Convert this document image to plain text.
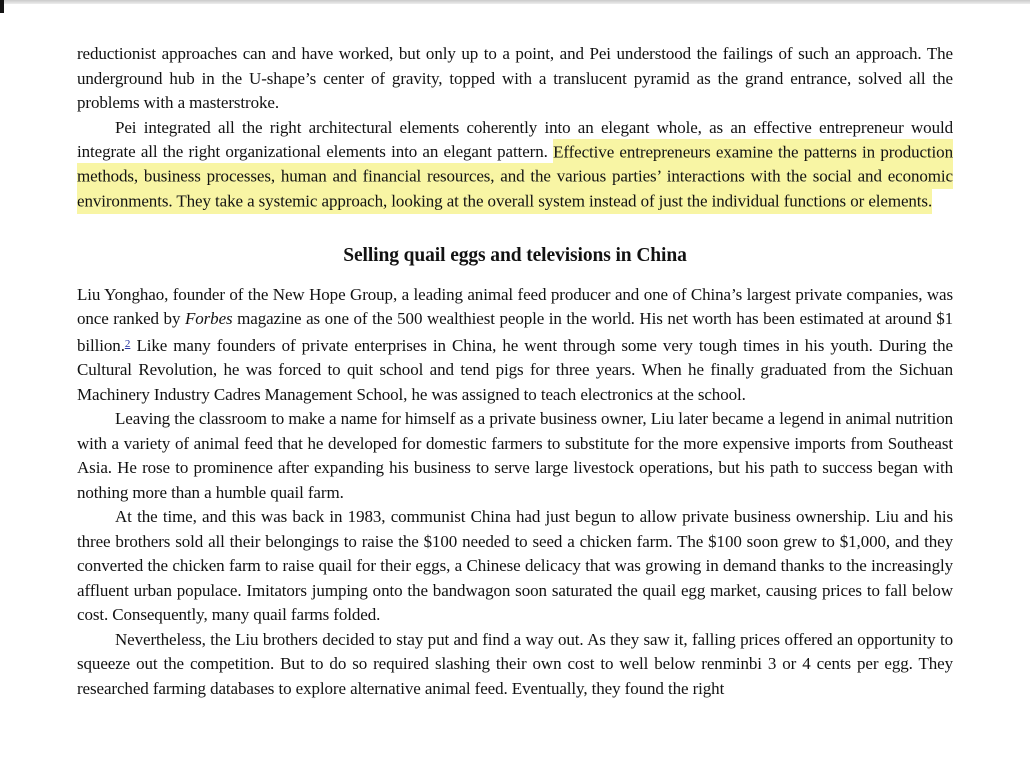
reductionist approaches can and have worked, but only up to a point, and Pei understood the failings of such an approach. The underground hub in the U-shape’s center of gravity, topped with a translucent pyramid as the grand entrance, solved all the problems with a masterstroke.

Pei integrated all the right architectural elements coherently into an elegant whole, as an effective entrepreneur would integrate all the right organizational elements into an elegant pattern. Effective entrepreneurs examine the patterns in production methods, business processes, human and financial resources, and the various parties’ interactions with the social and economic environments. They take a systemic approach, looking at the overall system instead of just the individual functions or elements.

Selling quail eggs and televisions in China

Liu Yonghao, founder of the New Hope Group, a leading animal feed producer and one of China’s largest private companies, was once ranked by Forbes magazine as one of the 500 wealthiest people in the world. His net worth has been estimated at around $1 billion.$^2$ Like many founders of private enterprises in China, he went through some very tough times in his youth. During the Cultural Revolution, he was forced to quit school and tend pigs for three years. When he finally graduated from the Sichuan Machinery Industry Cadres Management School, he was assigned to teach electronics at the school.

Leaving the classroom to make a name for himself as a private business owner, Liu later became a legend in animal nutrition with a variety of animal feed that he developed for domestic farmers to substitute for the more expensive imports from Southeast Asia. He rose to prominence after expanding his business to serve large livestock operations, but his path to success began with nothing more than a humble quail farm.

At the time, and this was back in 1983, communist China had just begun to allow private business ownership. Liu and his three brothers sold all their belongings to raise the $100 needed to seed a chicken farm. The $100 soon grew to $1,000, and they converted the chicken farm to raise quail for their eggs, a Chinese delicacy that was growing in demand thanks to the increasingly affluent urban populace. Imitators jumping onto the bandwagon soon saturated the quail egg market, causing prices to fall below cost. Consequently, many quail farms folded.

Nevertheless, the Liu brothers decided to stay put and find a way out. As they saw it, falling prices offered an opportunity to squeeze out the competition. But to do so required slashing their own cost to well below renminbi 3 or 4 cents per egg. They researched farming databases to explore alternative animal feed. Eventually, they found the right
